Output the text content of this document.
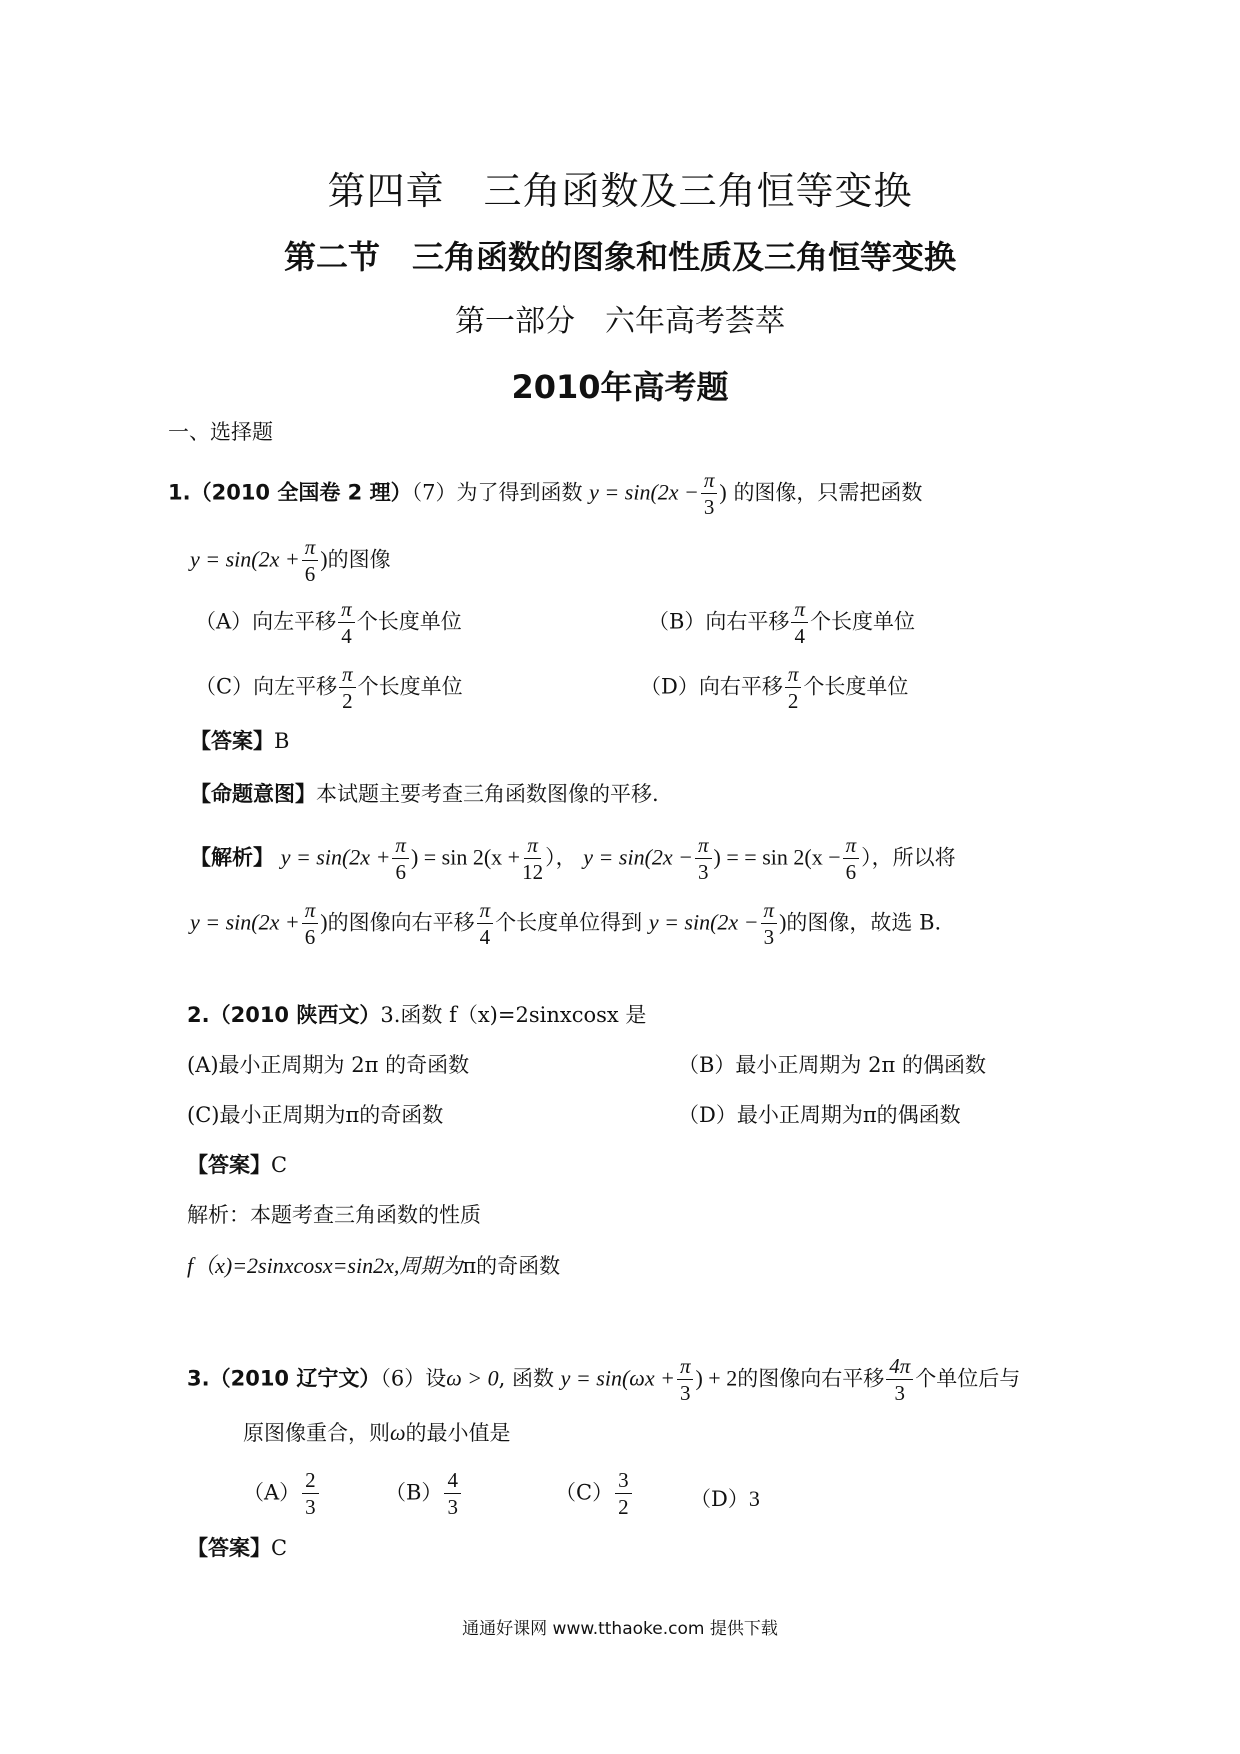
第四章　三角函数及三角恒等变换
第二节　三角函数的图象和性质及三角恒等变换
第一部分　六年高考荟萃
2010年高考题
一、选择题
1.（2010 全国卷 2 理）（7）为了得到函数 $y = \sin(2x - \frac{\pi}{3}$ ) 的图像，只需把函数
$y = \sin(2x + \frac{\pi}{6}$ )的图像
（A）向左平移 $\frac{\pi}{4}$ 个长度单位	（B）向右平移 $\frac{\pi}{4}$ 个长度单位
（C）向左平移 $\frac{\pi}{2}$ 个长度单位	（D）向右平移 $\frac{\pi}{2}$ 个长度单位
【答案】B
【命题意图】本试题主要考查三角函数图像的平移.
【解析】 $y = \sin(2x + \frac{\pi}{6}$ ) = $\sin 2(x + \frac{\pi}{12}$ ）， $y = \sin(2x - \frac{\pi}{3}$ ) = = $\sin 2(x - \frac{\pi}{6}$ ），所以将
$y = \sin(2x + \frac{\pi}{6}$ )的图像向右平移 $\frac{\pi}{4}$ 个长度单位得到 $y = \sin(2x - \frac{\pi}{3}$ )的图像，故选 B.
2.（2010 陕西文）3.函数 f（x)=2sinxcosx 是
(A)最小正周期为 2π 的奇函数	（B）最小正周期为 2π 的偶函数
(C)最小正周期为π的奇函数	（D）最小正周期为π的偶函数
【答案】C
解析：本题考查三角函数的性质
f（x)=2sinxcosx=sin2x,周期为π的奇函数
3.（2010 辽宁文）（6）设ω > 0, 函数 $y = \sin(\omega x + \frac{\pi}{3}$ ) + 2的图像向右平移 $\frac{4\pi}{3}$ 个单位后与
原图像重合，则ω的最小值是
$(A) \frac{2}{3}$	$(B) \frac{4}{3}$	$(C) \frac{3}{2}$	（D）3
【答案】C
通通好课网 www.tthaoke.com 提供下载
